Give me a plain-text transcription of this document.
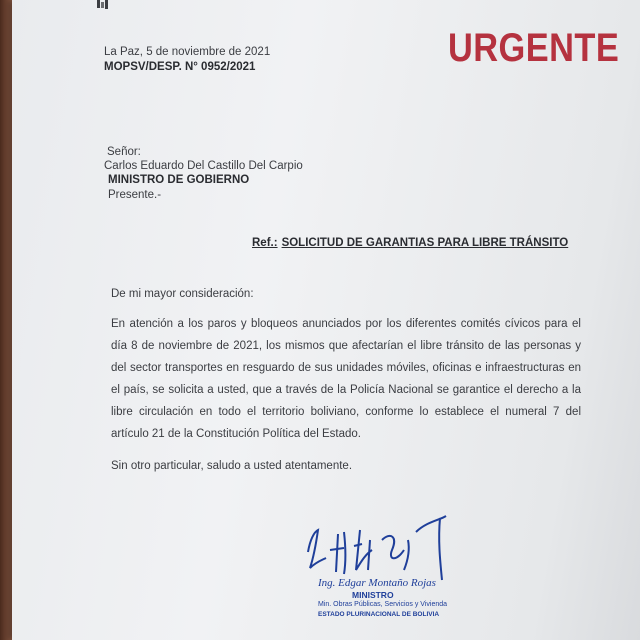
La Paz, 5 de noviembre de 2021
MOPSV/DESP. N° 0952/2021	URGENTE
Señor:
Carlos Eduardo Del Castillo Del Carpio
MINISTRO DE GOBIERNO
Presente.-
Ref.: SOLICITUD DE GARANTIAS PARA LIBRE TRÁNSITO
De mi mayor consideración:
En atención a los paros y bloqueos anunciados por los diferentes comités cívicos para el día 8 de noviembre de 2021, los mismos que afectarían el libre tránsito de las personas y del sector transportes en resguardo de sus unidades móviles, oficinas e infraestructuras en el país, se solicita a usted, que a través de la Policía Nacional se garantice el derecho a la libre circulación en todo el territorio boliviano, conforme lo establece el numeral 7 del artículo 21 de la Constitución Política del Estado.
Sin otro particular, saludo a usted atentamente.
Ing. Edgar Montaño Rojas
MINISTRO
Min. Obras Públicas, Servicios y Vivienda
ESTADO PLURINACIONAL DE BOLIVIA
